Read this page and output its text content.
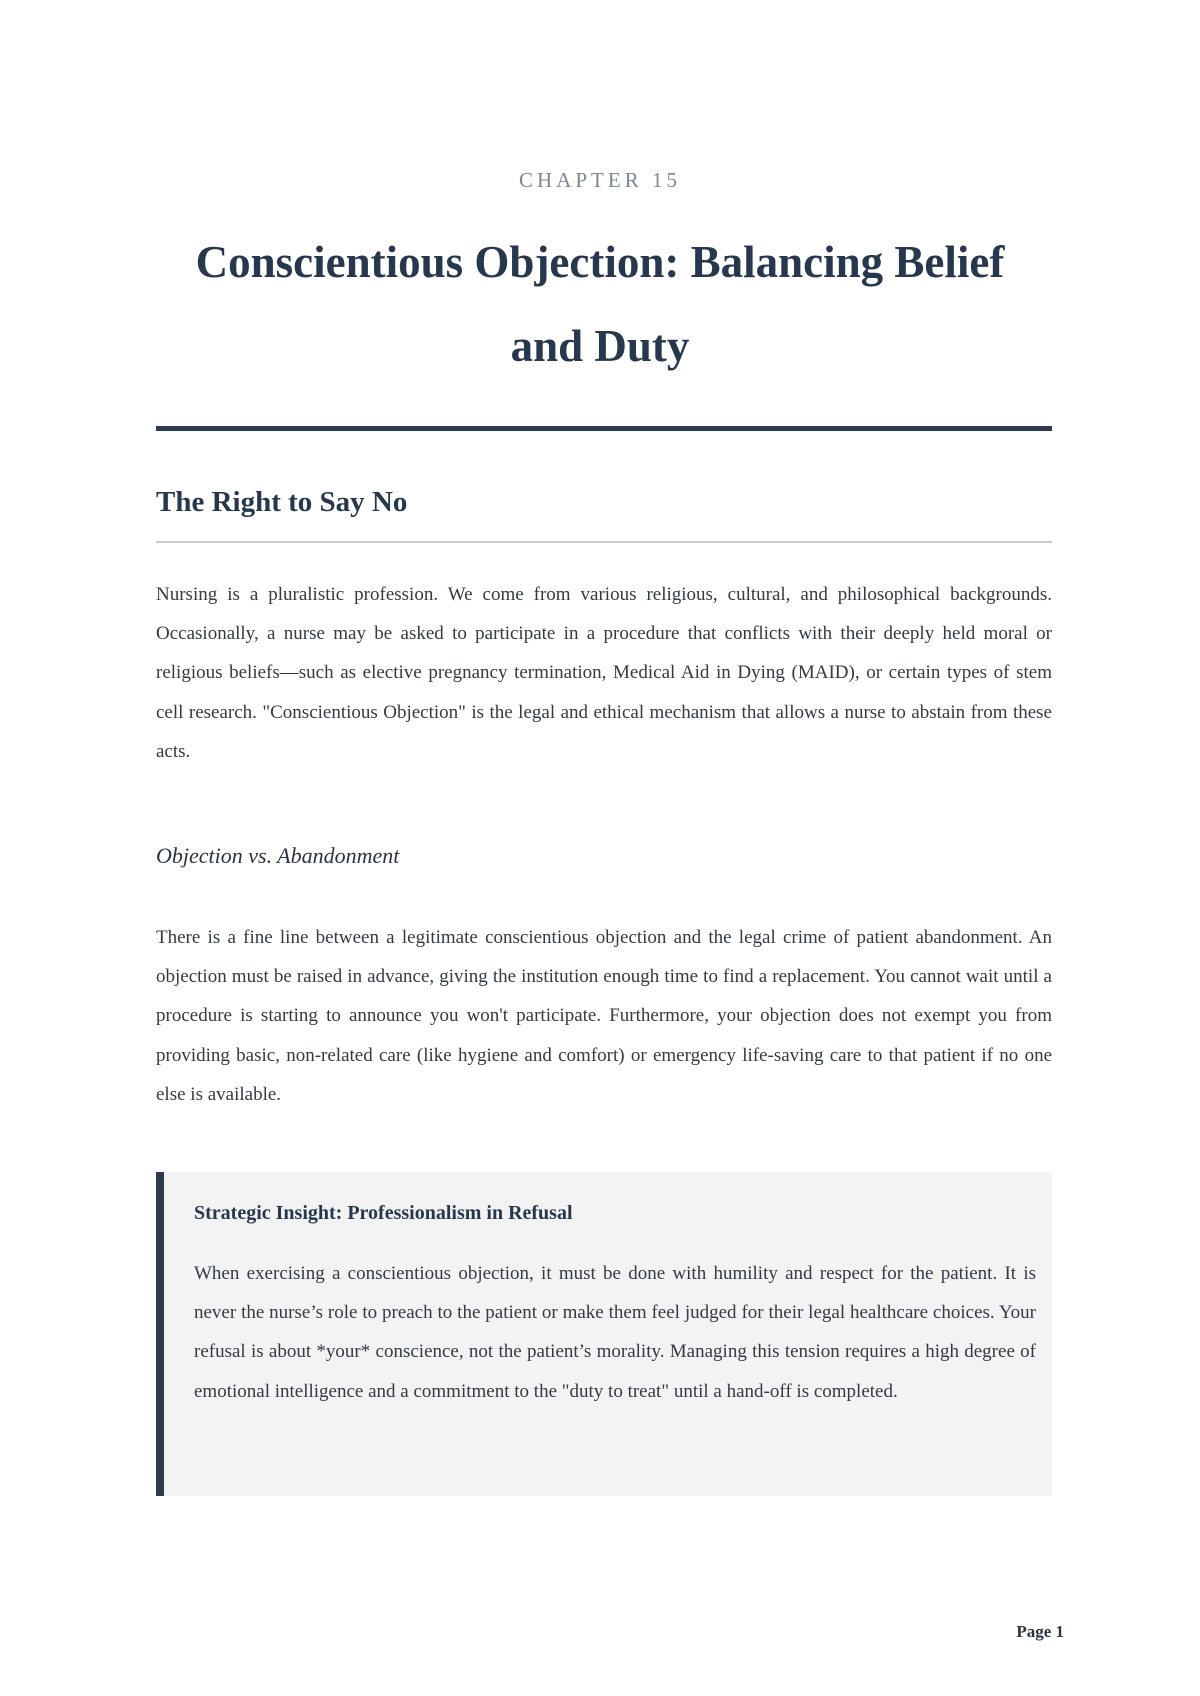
CHAPTER 15
Conscientious Objection: Balancing Belief and Duty
The Right to Say No

Nursing is a pluralistic profession. We come from various religious, cultural, and philosophical backgrounds. Occasionally, a nurse may be asked to participate in a procedure that conflicts with their deeply held moral or religious beliefs—such as elective pregnancy termination, Medical Aid in Dying (MAID), or certain types of stem cell research. "Conscientious Objection" is the legal and ethical mechanism that allows a nurse to abstain from these acts.

Objection vs. Abandonment

There is a fine line between a legitimate conscientious objection and the legal crime of patient abandonment. An objection must be raised in advance, giving the institution enough time to find a replacement. You cannot wait until a procedure is starting to announce you won't participate. Furthermore, your objection does not exempt you from providing basic, non-related care (like hygiene and comfort) or emergency life-saving care to that patient if no one else is available.

Strategic Insight: Professionalism in Refusal

When exercising a conscientious objection, it must be done with humility and respect for the patient. It is never the nurse’s role to preach to the patient or make them feel judged for their legal healthcare choices. Your refusal is about *your* conscience, not the patient’s morality. Managing this tension requires a high degree of emotional intelligence and a commitment to the "duty to treat" until a hand-off is completed.

Page 1
